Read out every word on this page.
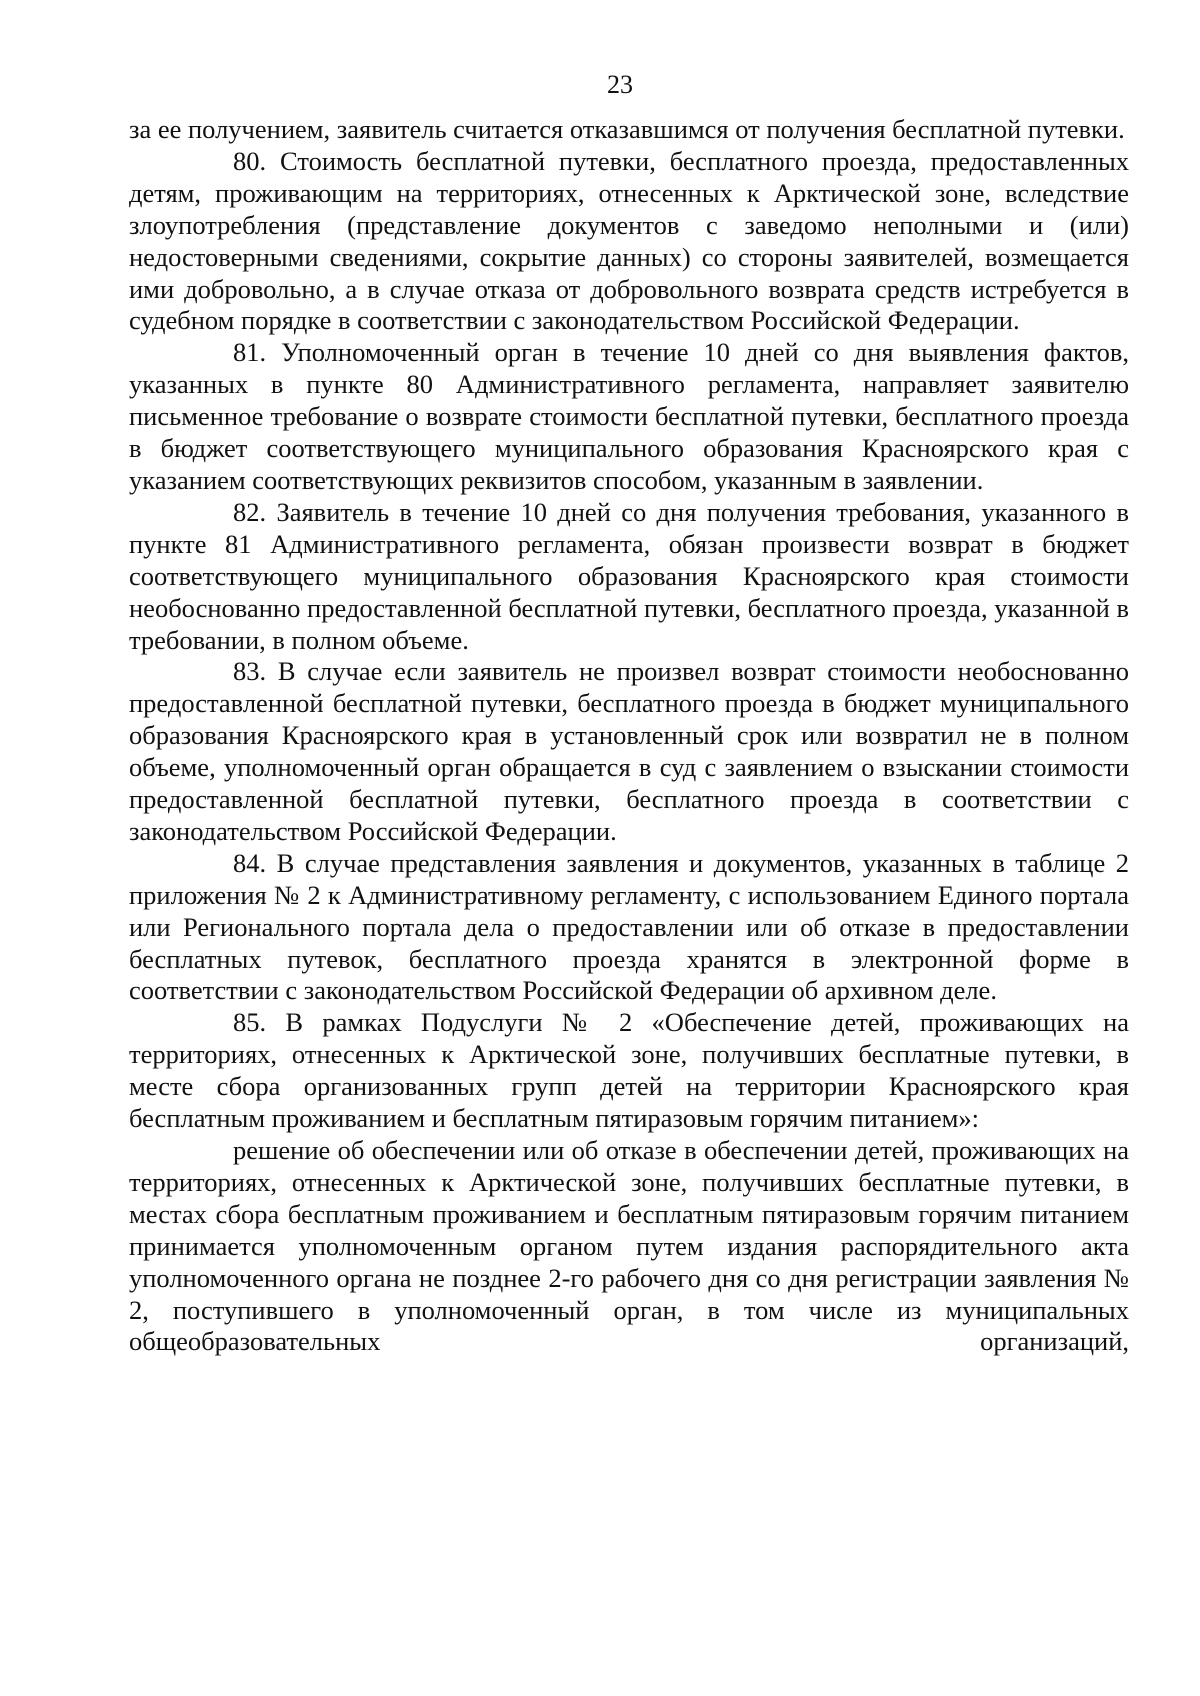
23

за ее получением, заявитель считается отказавшимся от получения бесплатной путевки.

80. Стоимость бесплатной путевки, бесплатного проезда, предоставленных детям, проживающим на территориях, отнесенных к Арктической зоне, вследствие злоупотребления (представление документов с заведомо неполными и (или) недостоверными сведениями, сокрытие данных) со стороны заявителей, возмещается ими добровольно, а в случае отказа от добровольного возврата средств истребуется в судебном порядке в соответствии с законодательством Российской Федерации.

81. Уполномоченный орган в течение 10 дней со дня выявления фактов, указанных в пункте 80 Административного регламента, направляет заявителю письменное требование о возврате стоимости бесплатной путевки, бесплатного проезда в бюджет соответствующего муниципального образования Красноярского края с указанием соответствующих реквизитов способом, указанным в заявлении.

82. Заявитель в течение 10 дней со дня получения требования, указанного в пункте 81 Административного регламента, обязан произвести возврат в бюджет соответствующего муниципального образования Красноярского края стоимости необоснованно предоставленной бесплатной путевки, бесплатного проезда, указанной в требовании, в полном объеме.

83. В случае если заявитель не произвел возврат стоимости необоснованно предоставленной бесплатной путевки, бесплатного проезда в бюджет муниципального образования Красноярского края в установленный срок или возвратил не в полном объеме, уполномоченный орган обращается в суд с заявлением о взыскании стоимости предоставленной бесплатной путевки, бесплатного проезда в соответствии с законодательством Российской Федерации.

84. В случае представления заявления и документов, указанных в таблице 2 приложения № 2 к Административному регламенту, с использованием Единого портала или Регионального портала дела о предоставлении или об отказе в предоставлении бесплатных путевок, бесплатного проезда хранятся в электронной форме в соответствии с законодательством Российской Федерации об архивном деле.

85. В рамках Подуслуги № 2 «Обеспечение детей, проживающих на территориях, отнесенных к Арктической зоне, получивших бесплатные путевки, в месте сбора организованных групп детей на территории Красноярского края бесплатным проживанием и бесплатным пятиразовым горячим питанием»:

решение об обеспечении или об отказе в обеспечении детей, проживающих на территориях, отнесенных к Арктической зоне, получивших бесплатные путевки, в местах сбора бесплатным проживанием и бесплатным пятиразовым горячим питанием принимается уполномоченным органом путем издания распорядительного акта уполномоченного органа не позднее 2-го рабочего дня со дня регистрации заявления № 2, поступившего в уполномоченный орган, в том числе из муниципальных общеобразовательных организаций,
